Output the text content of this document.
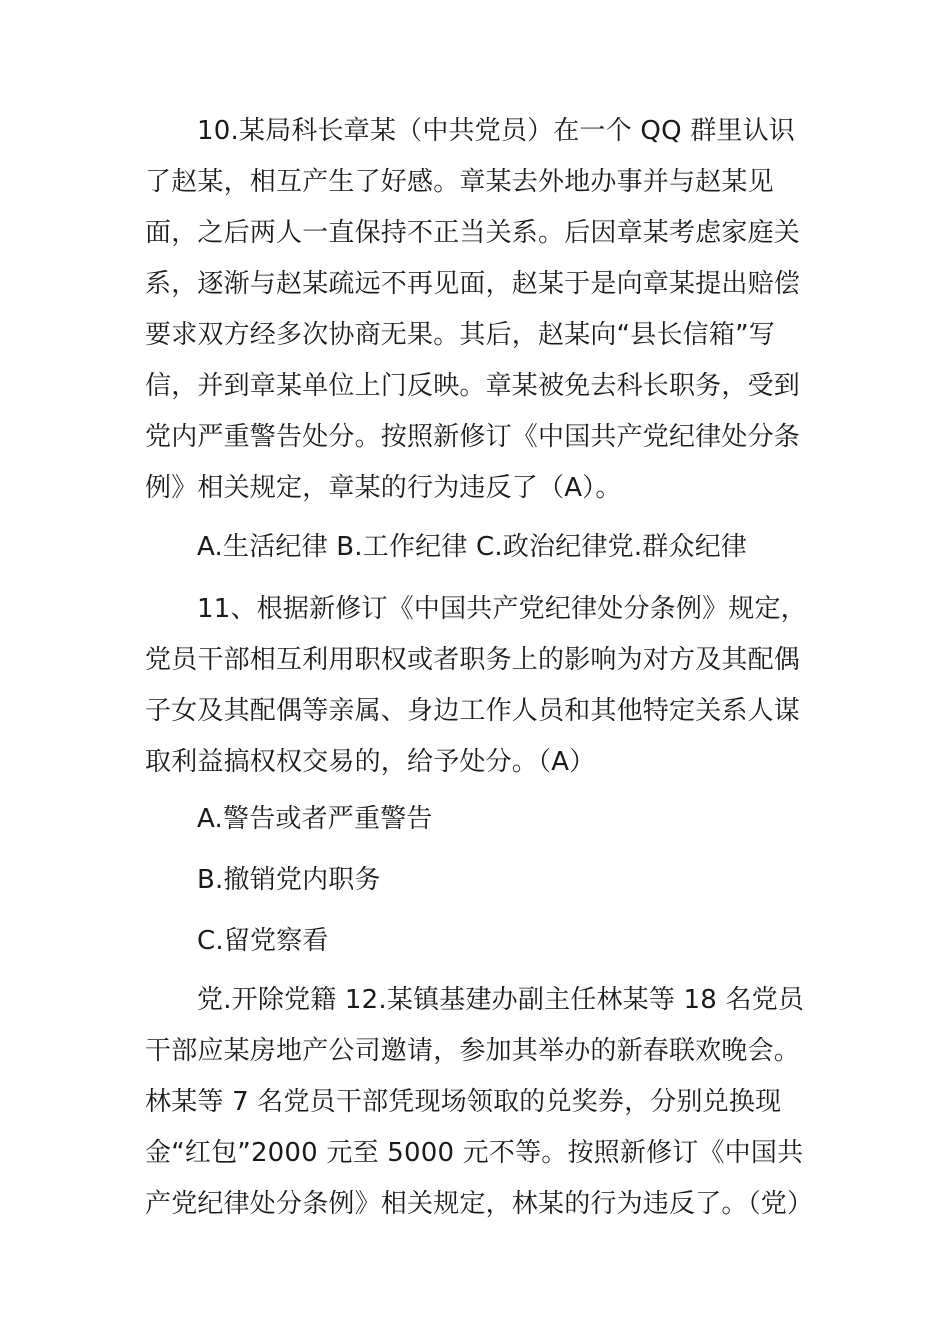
10.某局科长章某（中共党员）在一个 QQ 群里认识了赵某，相互产生了好感。章某去外地办事并与赵某见面，之后两人一直保持不正当关系。后因章某考虑家庭关系，逐渐与赵某疏远不再见面，赵某于是向章某提出赔偿要求双方经多次协商无果。其后，赵某向“县长信箱”写信，并到章某单位上门反映。章某被免去科长职务，受到党内严重警告处分。按照新修订《中国共产党纪律处分条例》相关规定，章某的行为违反了（A）。

A.生活纪律 B.工作纪律 C.政治纪律党.群众纪律

11、根据新修订《中国共产党纪律处分条例》规定，党员干部相互利用职权或者职务上的影响为对方及其配偶子女及其配偶等亲属、身边工作人员和其他特定关系人谋取利益搞权权交易的，给予处分。（A）

A.警告或者严重警告

B.撤销党内职务

C.留党察看

党.开除党籍 12.某镇基建办副主任林某等 18 名党员干部应某房地产公司邀请，参加其举办的新春联欢晚会。林某等 7 名党员干部凭现场领取的兑奖券，分别兑换现金“红包”2000 元至 5000 元不等。按照新修订《中国共产党纪律处分条例》相关规定，林某的行为违反了。（党）
